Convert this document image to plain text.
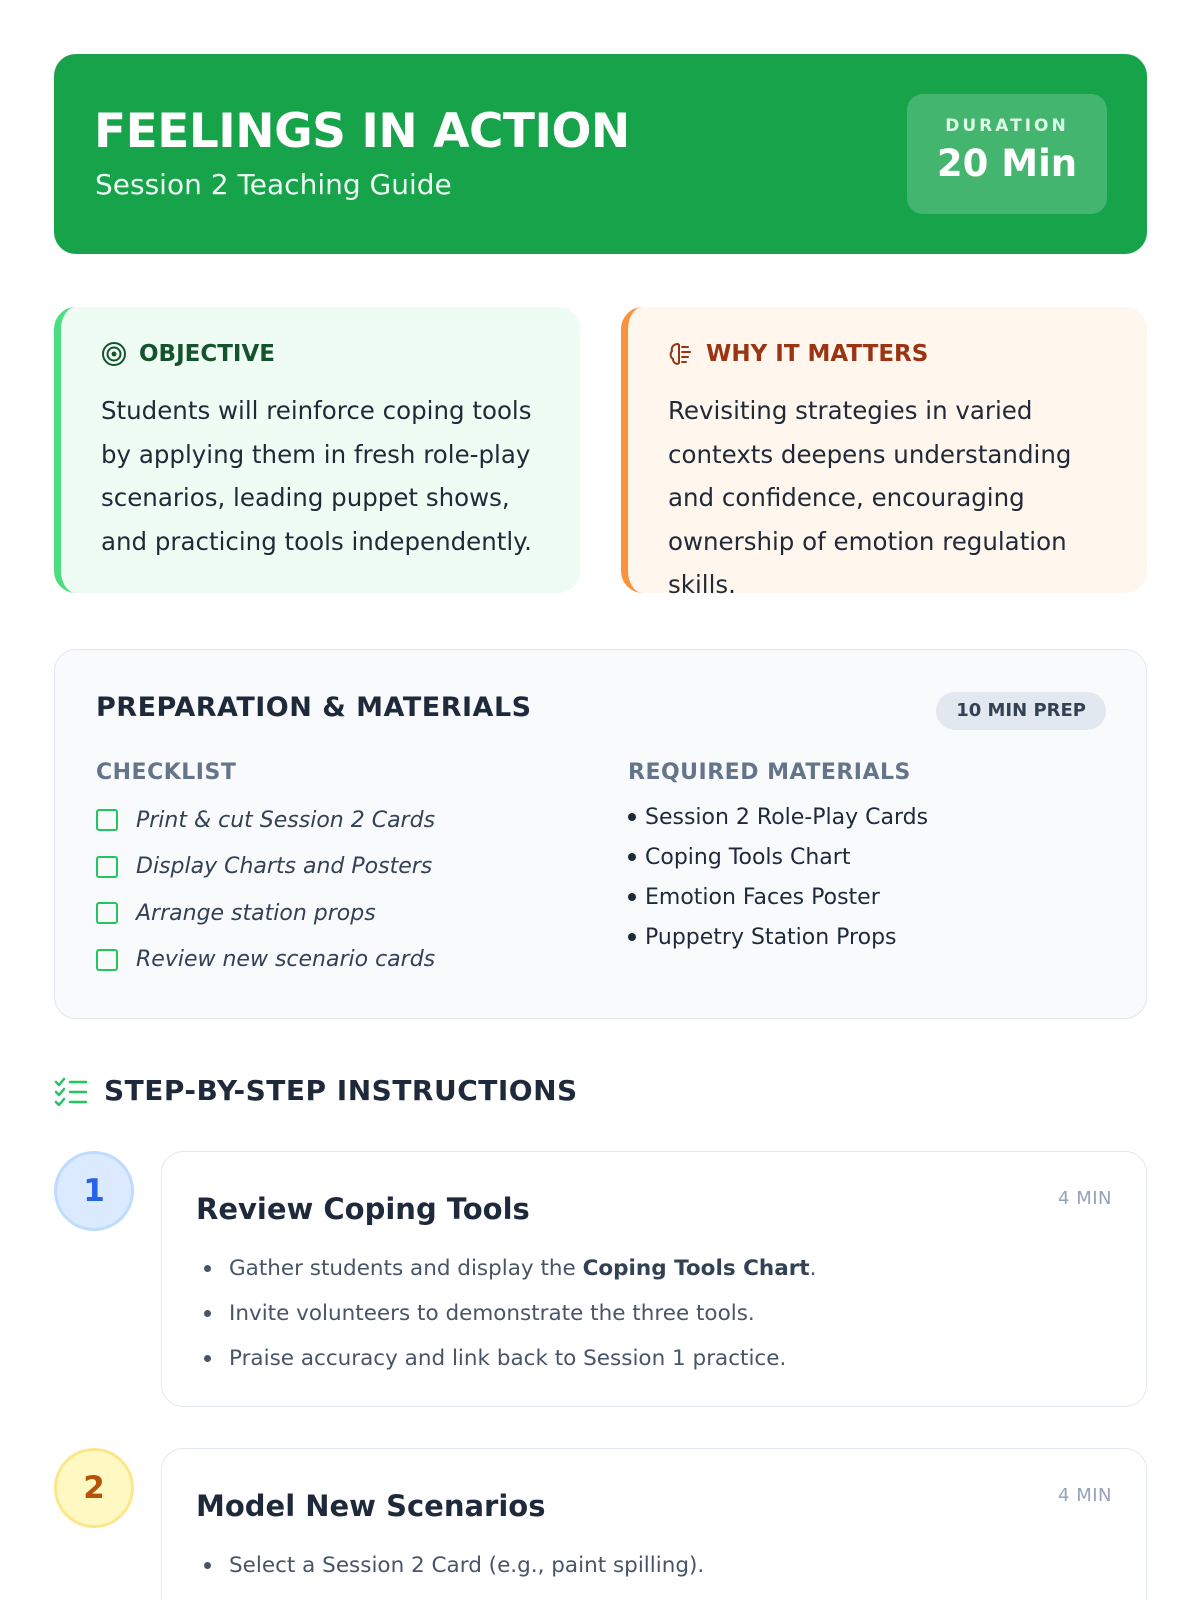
FEELINGS IN ACTION
Session 2 Teaching Guide
DURATION
20 Min
OBJECTIVE
Students will reinforce coping tools by applying them in fresh role-play scenarios, leading puppet shows, and practicing tools independently.
WHY IT MATTERS
Revisiting strategies in varied contexts deepens understanding and confidence, encouraging ownership of emotion regulation skills.
PREPARATION & MATERIALS	10 MIN PREP
CHECKLIST
Print & cut Session 2 Cards
Display Charts and Posters
Arrange station props
Review new scenario cards
REQUIRED MATERIALS
Session 2 Role-Play Cards
Coping Tools Chart
Emotion Faces Poster
Puppetry Station Props
STEP-BY-STEP INSTRUCTIONS
1	Review Coping Tools	4 MIN
Gather students and display the Coping Tools Chart.
Invite volunteers to demonstrate the three tools.
Praise accuracy and link back to Session 1 practice.
2	Model New Scenarios	4 MIN
Select a Session 2 Card (e.g., paint spilling).
